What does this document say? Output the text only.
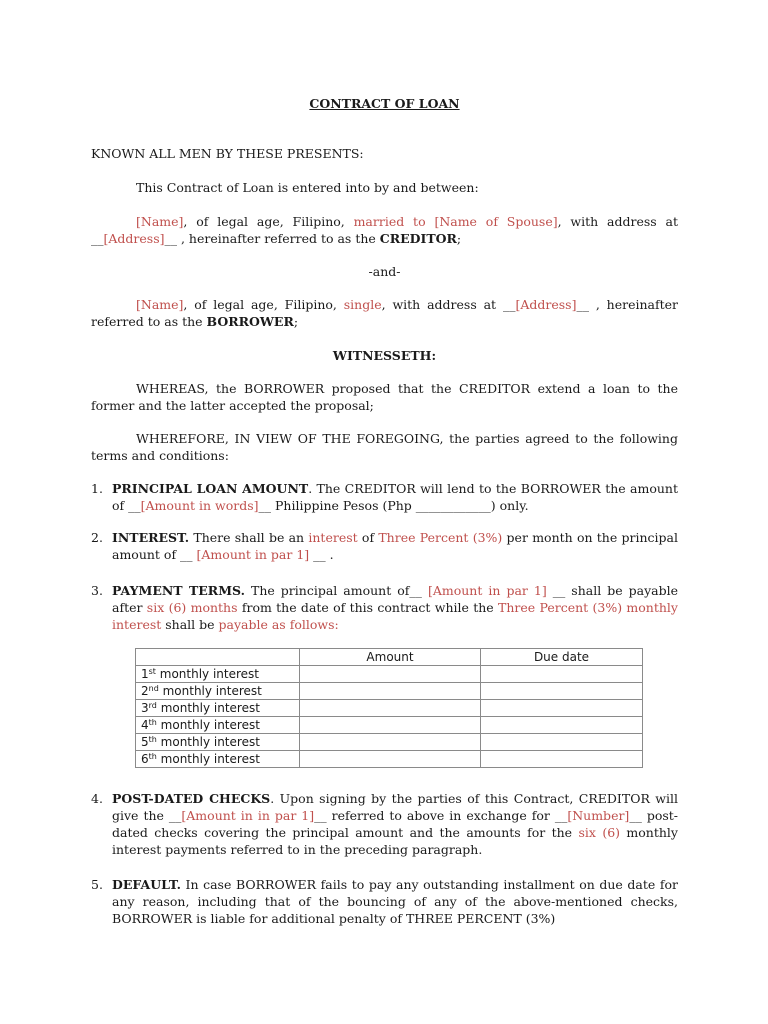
CONTRACT OF LOAN

KNOWN ALL MEN BY THESE PRESENTS:

This Contract of Loan is entered into by and between:

[Name], of legal age, Filipino, married to [Name of Spouse], with address at __[Address]__ , hereinafter referred to as the CREDITOR;

-and-

[Name], of legal age, Filipino, single, with address at __[Address]__ , hereinafter referred to as the BORROWER;

WITNESSETH:

WHEREAS, the BORROWER proposed that the CREDITOR extend a loan to the former and the latter accepted the proposal;

WHEREFORE, IN VIEW OF THE FOREGOING, the parties agreed to the following terms and conditions:

1. PRINCIPAL LOAN AMOUNT. The CREDITOR will lend to the BORROWER the amount of __[Amount in words]__ Philippine Pesos (Php ____________) only.

2. INTEREST. There shall be an interest of Three Percent (3%) per month on the principal amount of __ [Amount in par 1] __ .

3. PAYMENT TERMS. The principal amount of__ [Amount in par 1] __ shall be payable after six (6) months from the date of this contract while the Three Percent (3%) monthly interest shall be payable as follows:

	Amount	Due date
1st monthly interest		
2nd monthly interest		
3rd monthly interest		
4th monthly interest		
5th monthly interest		
6th monthly interest		
4. POST-DATED CHECKS. Upon signing by the parties of this Contract, CREDITOR will give the __[Amount in in par 1]__ referred to above in exchange for __[Number]__ post-dated checks covering the principal amount and the amounts for the six (6) monthly interest payments referred to in the preceding paragraph.

5. DEFAULT. In case BORROWER fails to pay any outstanding installment on due date for any reason, including that of the bouncing of any of the above-mentioned checks, BORROWER is liable for additional penalty of THREE PERCENT (3%)
